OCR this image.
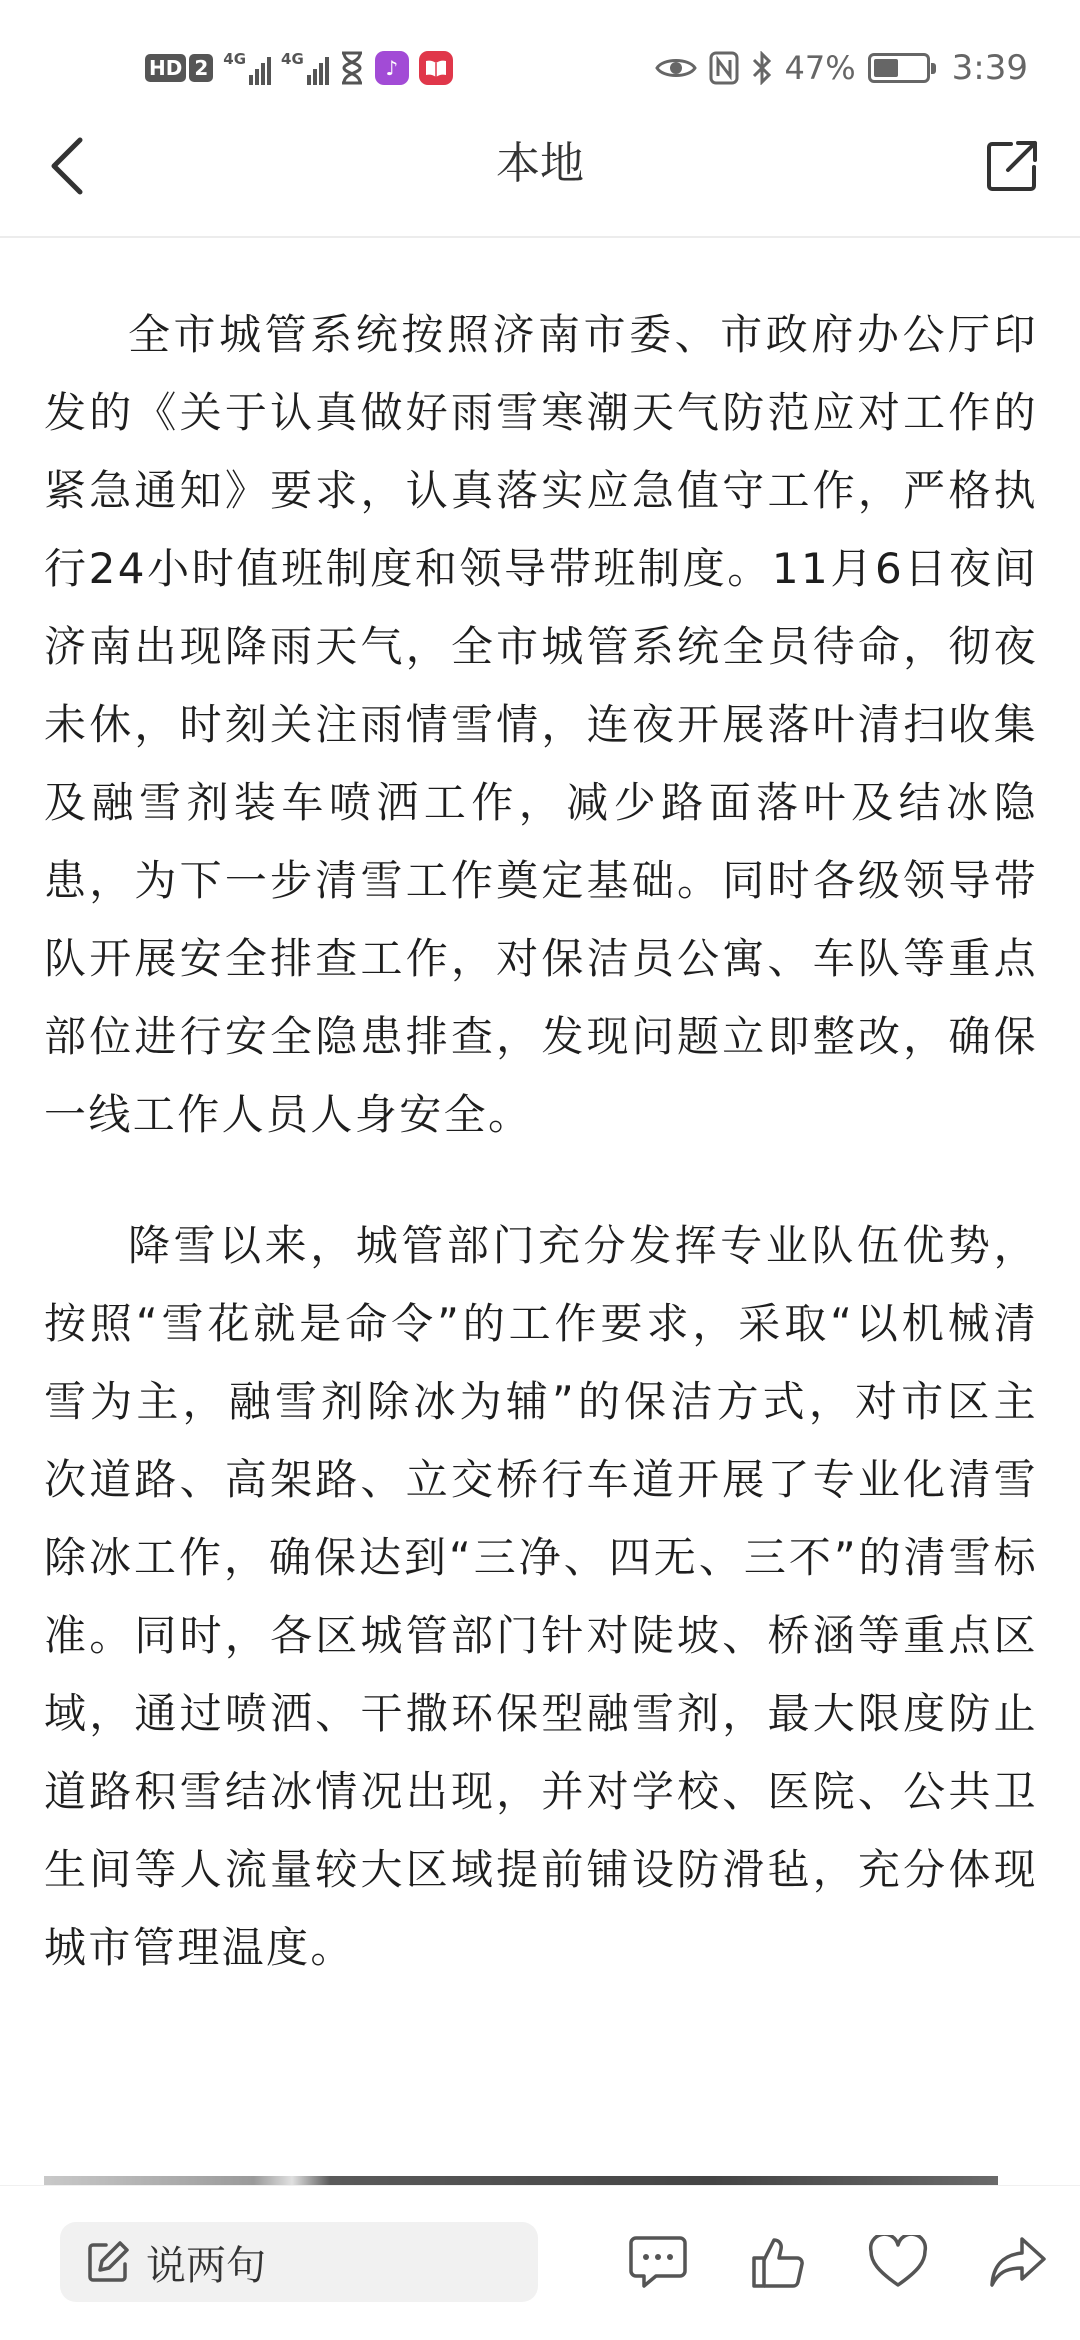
HD 2	4G 4G	♪	47%	3:39
本地

全市城管系统按照济南市委、市政府办公厅印发的《关于认真做好雨雪寒潮天气防范应对工作的紧急通知》要求，认真落实应急值守工作，严格执行24小时值班制度和领导带班制度。11月6日夜间济南出现降雨天气，全市城管系统全员待命，彻夜未休，时刻关注雨情雪情，连夜开展落叶清扫收集及融雪剂装车喷洒工作，减少路面落叶及结冰隐患，为下一步清雪工作奠定基础。同时各级领导带队开展安全排查工作，对保洁员公寓、车队等重点部位进行安全隐患排查，发现问题立即整改，确保一线工作人员人身安全。

降雪以来，城管部门充分发挥专业队伍优势，按照“雪花就是命令”的工作要求，采取“以机械清雪为主，融雪剂除冰为辅”的保洁方式，对市区主次道路、高架路、立交桥行车道开展了专业化清雪除冰工作，确保达到“三净、四无、三不”的清雪标准。同时，各区城管部门针对陡坡、桥涵等重点区域，通过喷洒、干撒环保型融雪剂，最大限度防止道路积雪结冰情况出现，并对学校、医院、公共卫生间等人流量较大区域提前铺设防滑毡，充分体现城市管理温度。

说两句
